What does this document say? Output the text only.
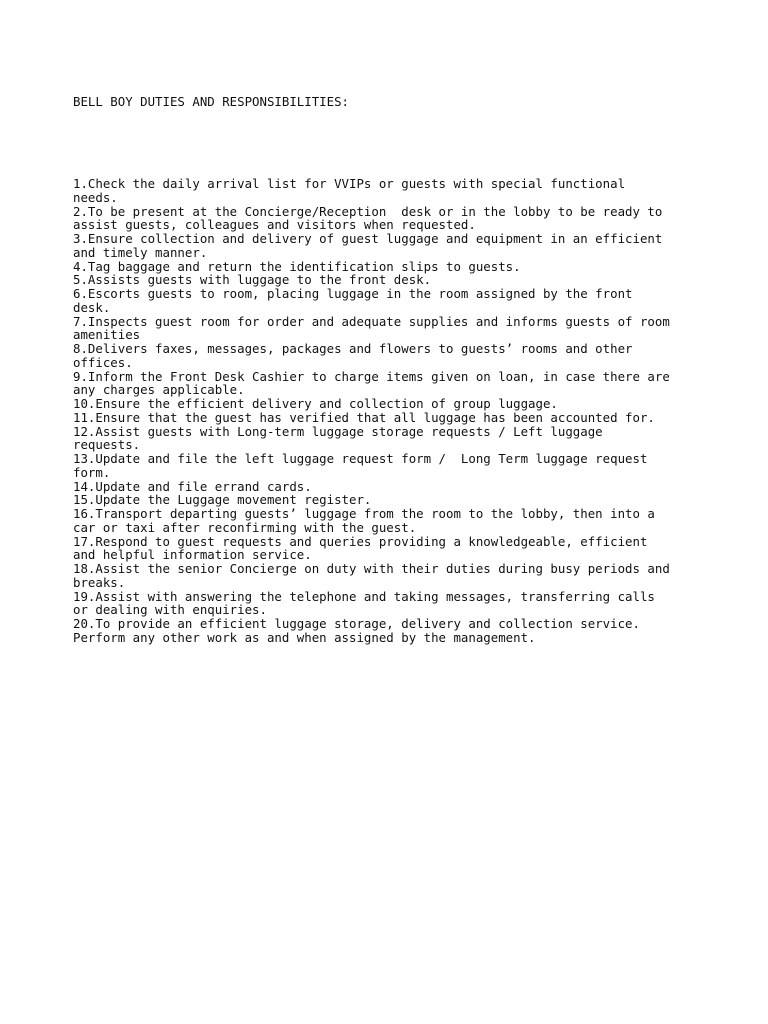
BELL BOY DUTIES AND RESPONSIBILITIES:

1.Check the daily arrival list for VVIPs or guests with special functional
needs.
2.To be present at the Concierge/Reception  desk or in the lobby to be ready to
assist guests, colleagues and visitors when requested.
3.Ensure collection and delivery of guest luggage and equipment in an efficient
and timely manner.
4.Tag baggage and return the identification slips to guests.
5.Assists guests with luggage to the front desk.
6.Escorts guests to room, placing luggage in the room assigned by the front
desk.
7.Inspects guest room for order and adequate supplies and informs guests of room
amenities
8.Delivers faxes, messages, packages and flowers to guests’ rooms and other
offices.
9.Inform the Front Desk Cashier to charge items given on loan, in case there are
any charges applicable.
10.Ensure the efficient delivery and collection of group luggage.
11.Ensure that the guest has verified that all luggage has been accounted for.
12.Assist guests with Long-term luggage storage requests / Left luggage
requests.
13.Update and file the left luggage request form /  Long Term luggage request
form.
14.Update and file errand cards.
15.Update the Luggage movement register.
16.Transport departing guests’ luggage from the room to the lobby, then into a
car or taxi after reconfirming with the guest.
17.Respond to guest requests and queries providing a knowledgeable, efficient
and helpful information service.
18.Assist the senior Concierge on duty with their duties during busy periods and
breaks.
19.Assist with answering the telephone and taking messages, transferring calls
or dealing with enquiries.
20.To provide an efficient luggage storage, delivery and collection service.
Perform any other work as and when assigned by the management.
